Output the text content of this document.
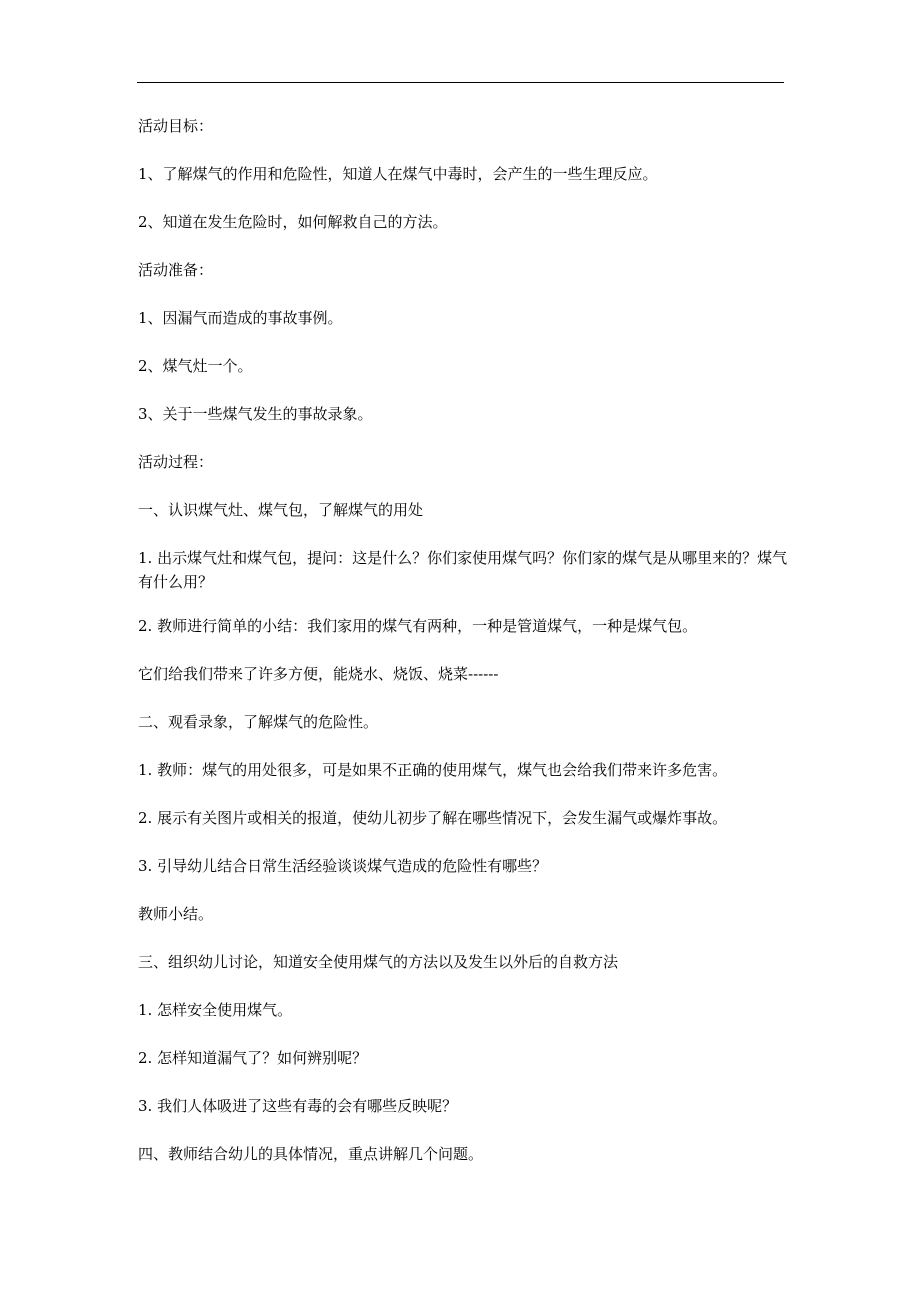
活动目标：

1、了解煤气的作用和危险性，知道人在煤气中毒时，会产生的一些生理反应。

2、知道在发生危险时，如何解救自己的方法。

活动准备：

1、因漏气而造成的事故事例。

2、煤气灶一个。

3、关于一些煤气发生的事故录象。

活动过程：

一、认识煤气灶、煤气包，了解煤气的用处

1. 出示煤气灶和煤气包，提问：这是什么？你们家使用煤气吗？你们家的煤气是从哪里来的？煤气有什么用？

2. 教师进行简单的小结：我们家用的煤气有两种，一种是管道煤气，一种是煤气包。

它们给我们带来了许多方便，能烧水、烧饭、烧菜------

二、观看录象，了解煤气的危险性。

1. 教师：煤气的用处很多，可是如果不正确的使用煤气，煤气也会给我们带来许多危害。

2. 展示有关图片或相关的报道，使幼儿初步了解在哪些情况下，会发生漏气或爆炸事故。

3. 引导幼儿结合日常生活经验谈谈煤气造成的危险性有哪些？

教师小结。

三、组织幼儿讨论，知道安全使用煤气的方法以及发生以外后的自救方法

1. 怎样安全使用煤气。

2. 怎样知道漏气了？如何辨别呢？

3. 我们人体吸进了这些有毒的会有哪些反映呢？

四、教师结合幼儿的具体情况，重点讲解几个问题。
